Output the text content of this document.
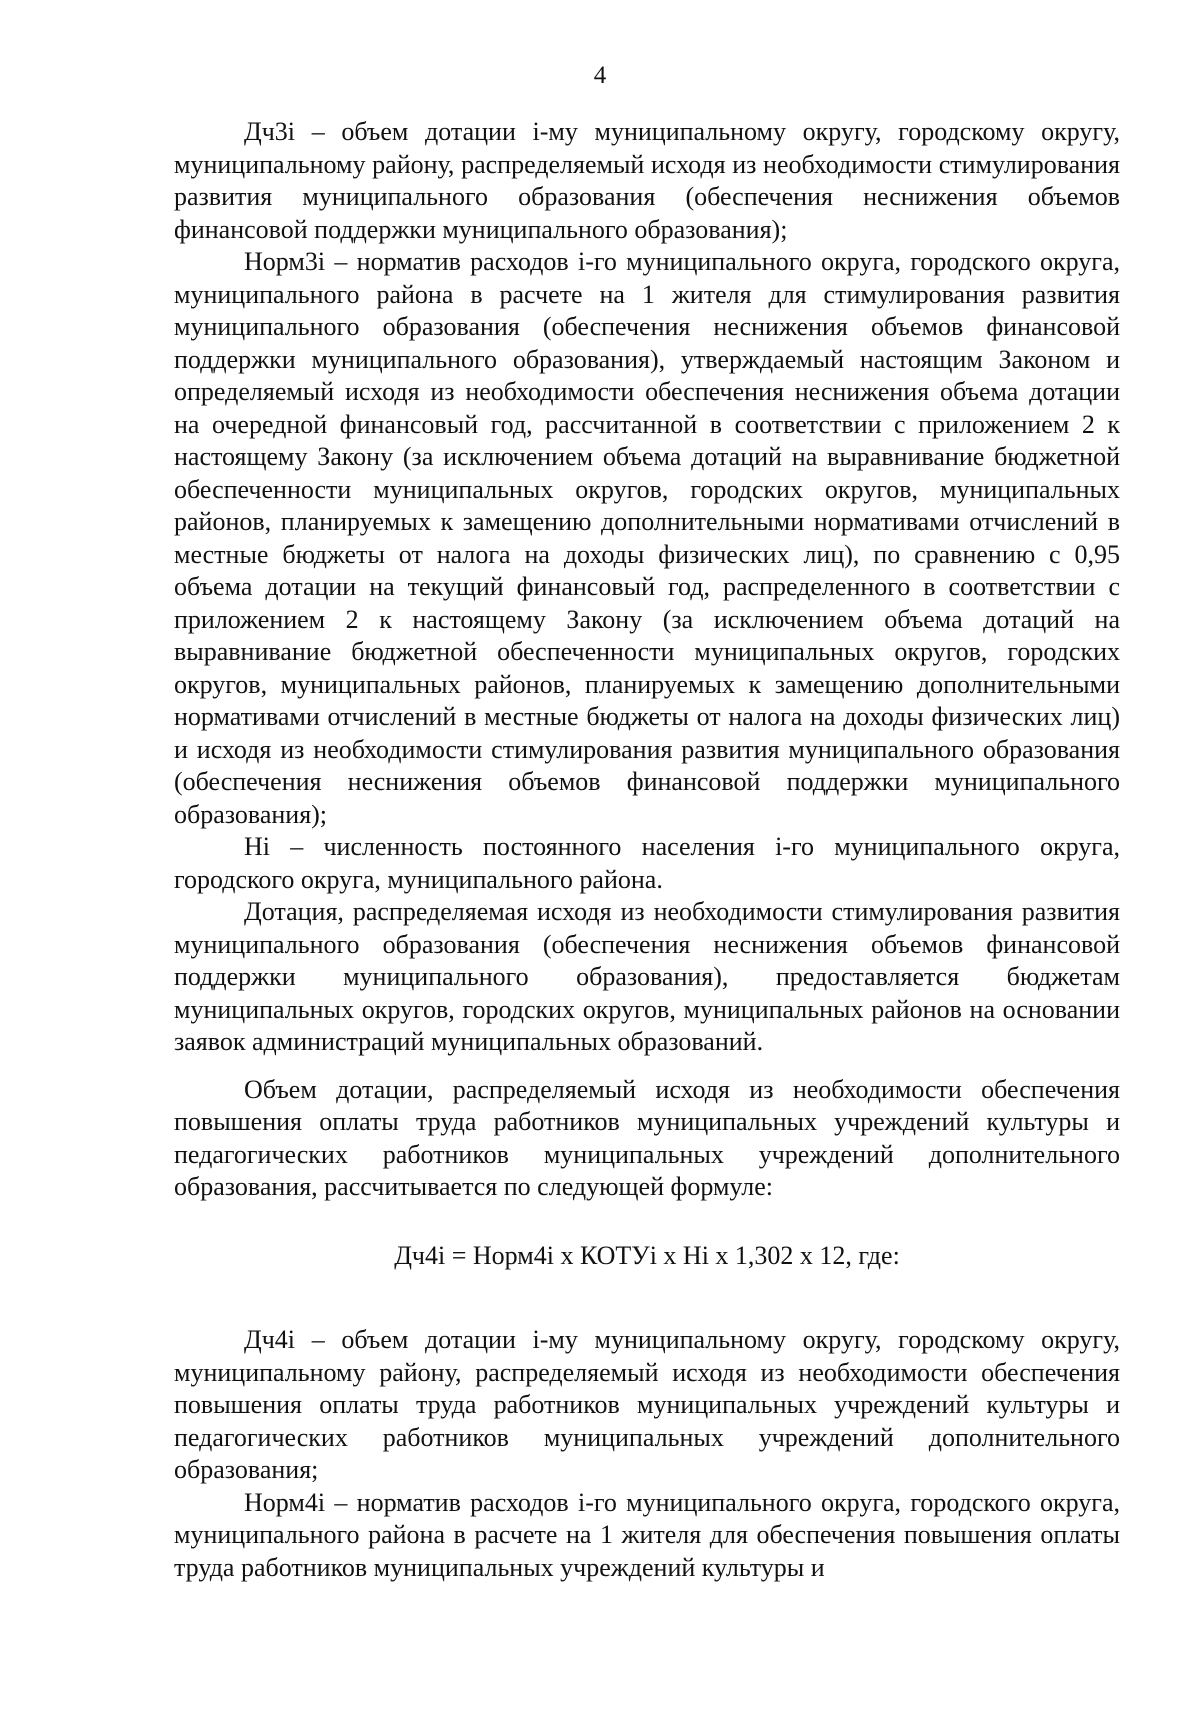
4

Дч3i – объем дотации i-му муниципальному округу, городскому округу, муниципальному району, распределяемый исходя из необходимости стимулирования развития муниципального образования (обеспечения неснижения объемов финансовой поддержки муниципального образования);

Норм3i – норматив расходов i-го муниципального округа, городского округа, муниципального района в расчете на 1 жителя для стимулирования развития муниципального образования (обеспечения неснижения объемов финансовой поддержки муниципального образования), утверждаемый настоящим Законом и определяемый исходя из необходимости обеспечения неснижения объема дотации на очередной финансовый год, рассчитанной в соответствии с приложением 2 к настоящему Закону (за исключением объема дотаций на выравнивание бюджетной обеспеченности муниципальных округов, городских округов, муниципальных районов, планируемых к замещению дополнительными нормативами отчислений в местные бюджеты от налога на доходы физических лиц), по сравнению с 0,95 объема дотации на текущий финансовый год, распределенного в соответствии с приложением 2 к настоящему Закону (за исключением объема дотаций на выравнивание бюджетной обеспеченности муниципальных округов, городских округов, муниципальных районов, планируемых к замещению дополнительными нормативами отчислений в местные бюджеты от налога на доходы физических лиц) и исходя из необходимости стимулирования развития муниципального образования (обеспечения неснижения объемов финансовой поддержки муниципального образования);

Нi – численность постоянного населения i-го муниципального округа, городского округа, муниципального района.

Дотация, распределяемая исходя из необходимости стимулирования развития муниципального образования (обеспечения неснижения объемов финансовой поддержки муниципального образования), предоставляется бюджетам муниципальных округов, городских округов, муниципальных районов на основании заявок администраций муниципальных образований.

Объем дотации, распределяемый исходя из необходимости обеспечения повышения оплаты труда работников муниципальных учреждений культуры и педагогических работников муниципальных учреждений дополнительного образования, рассчитывается по следующей формуле:

Дч4i = Норм4i х КОТУi х Нi х 1,302 х 12, где:

Дч4i – объем дотации i-му муниципальному округу, городскому округу, муниципальному району, распределяемый исходя из необходимости обеспечения повышения оплаты труда работников муниципальных учреждений культуры и педагогических работников муниципальных учреждений дополнительного образования;

Норм4i – норматив расходов i-го муниципального округа, городского округа, муниципального района в расчете на 1 жителя для обеспечения повышения оплаты труда работников муниципальных учреждений культуры и
